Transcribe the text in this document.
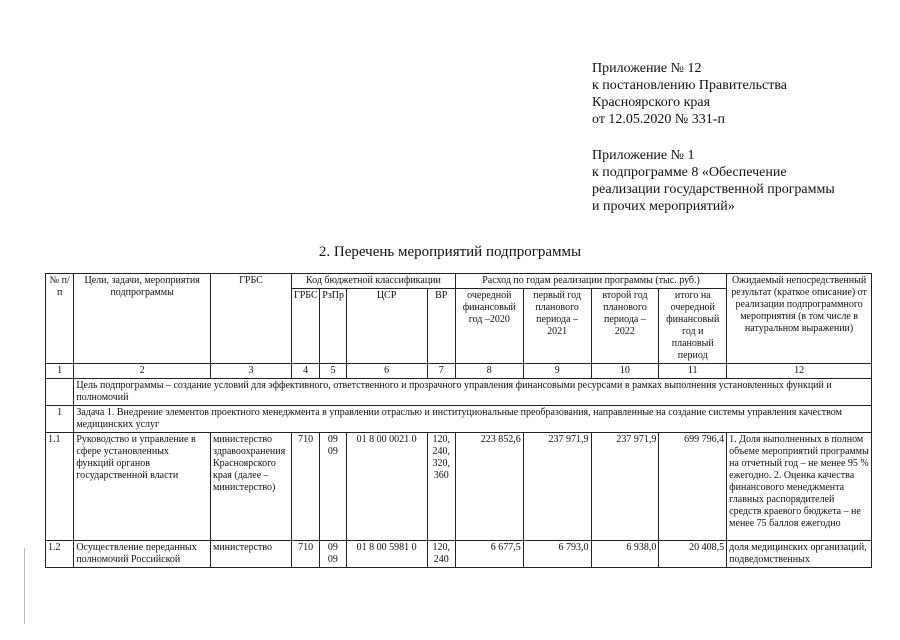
Приложение № 12
к постановлению Правительства
Красноярского края
от 12.05.2020 № 331-п
Приложение № 1
к подпрограмме 8 «Обеспечение
реализации государственной программы
и прочих мероприятий»
2. Перечень мероприятий подпрограммы
№ п/п	Цели, задачи, мероприятия подпрограммы	ГРБС	Код бюджетной классификации				Расход по годам реализации программы (тыс. руб.)				Ожидаемый непосредственный результат (краткое описание) от реализации подпрограммного мероприятия (в том числе в натуральном выражении)
			ГРБС	РзПр	ЦСР	ВР	очередной финансовый год –2020	первый год планового периода – 2021	второй год планового периода – 2022	итого на очередной финансовый год и плановый период	
1	2	3	4	5	6	7	8	9	10	11	12
	Цель подпрограммы – создание условий для эффективного, ответственного и прозрачного управления финансовыми ресурсами в рамках выполнения установленных функций и полномочий										
1	Задача 1. Внедрение элементов проектного менеджмента в управлении отраслью и институциональные преобразования, направленные на создание системы управления качеством медицинских услуг										
1.1	Руководство и управление в сфере установленных функций органов государственной власти	министерство здравоохранения Красноярского края (далее – министерство)	710	09 09	01 8 00 0021 0	120, 240, 320, 360	223 852,6	237 971,9	237 971,9	699 796,4	1. Доля выполненных в полном объеме мероприятий программы на отчетный год – не менее 95 % ежегодно. 2. Оценка качества финансового менеджмента главных распорядителей средств краевого бюджета – не менее 75 баллов ежегодно
1.2	Осуществление переданных полномочий Российской	министерство	710	09 09	01 8 00 5981 0	120, 240	6 677,5	6 793,0	6 938,0	20 408,5	доля медицинских организаций, подведомственных
